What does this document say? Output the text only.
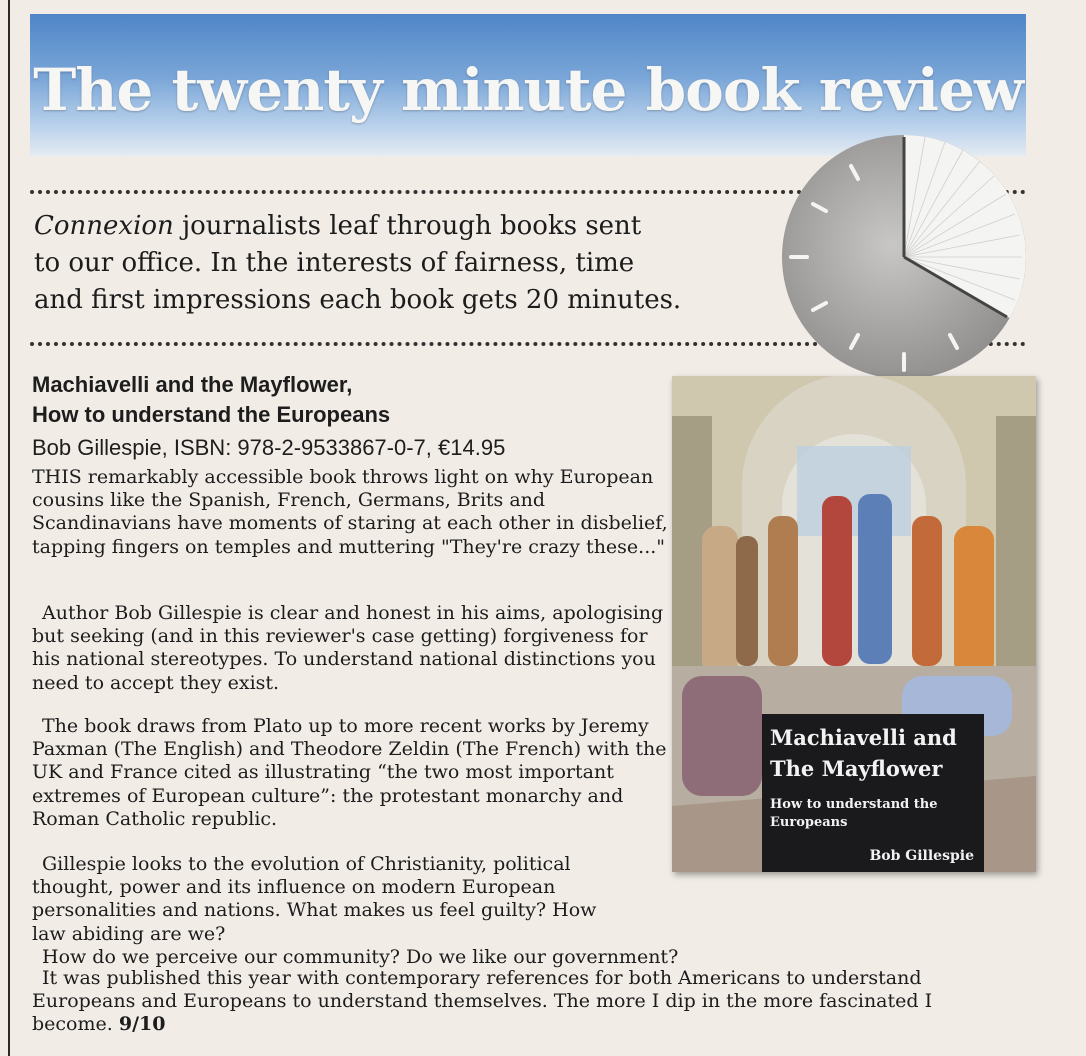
The twenty minute book review
Connexion journalists leaf through books sent
to our office. In the interests of fairness, time
and first impressions each book gets 20 minutes.
Machiavelli and the Mayflower,
How to understand the Europeans
Bob Gillespie, ISBN: 978-2-9533867-0-7, €14.95

THIS remarkably accessible book throws light on why European cousins like the Spanish, French, Germans, Brits and Scandinavians have moments of staring at each other in disbelief, tapping fingers on temples and muttering "They're crazy these..."

Author Bob Gillespie is clear and honest in his aims, apologising but seeking (and in this reviewer's case getting) forgiveness for his national stereotypes. To understand national distinctions you need to accept they exist.

The book draws from Plato up to more recent works by Jeremy Paxman (The English) and Theodore Zeldin (The French) with the UK and France cited as illustrating “the two most important extremes of European culture”: the protestant monarchy and Roman Catholic republic.

Gillespie looks to the evolution of Christianity, political thought, power and its influence on modern European personalities and nations. What makes us feel guilty? How law abiding are we?

How do we perceive our community? Do we like our government?

It was published this year with contemporary references for both Americans to understand Europeans and Europeans to understand themselves. The more I dip in the more fascinated I become. 9/10

Machiavelli and
The Mayflower
How to understand the
Europeans
Bob Gillespie
